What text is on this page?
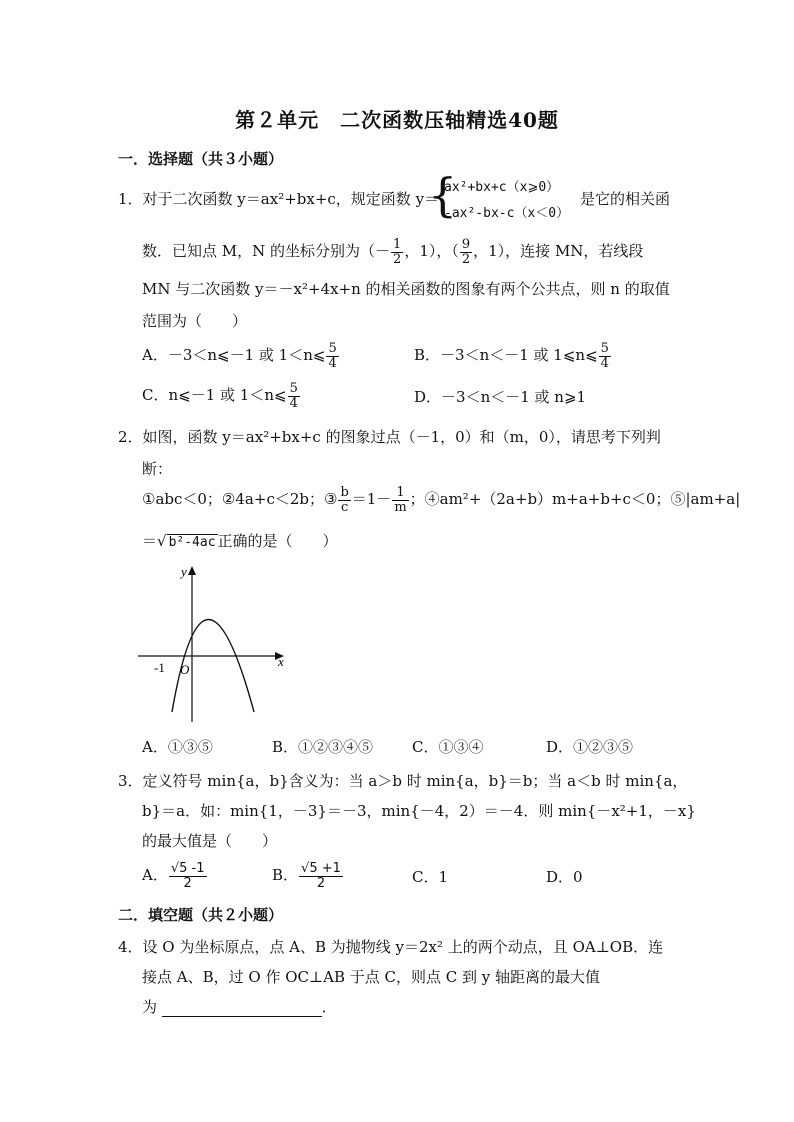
第２单元　二次函数压轴精选40题
一．选择题（共３小题）
1．对于二次函数 y＝ax²+bx+c，规定函数 y＝
{
ax²+bx+c（x⩾0）
-ax²-bx-c（x＜0）
是它的相关函
数．已知点 M，N 的坐标分别为（－ $\frac{1}{2}$ ，1），（ $\frac{9}{2}$ ，1），连接 MN，若线段
MN 与二次函数 y＝－x²+4x+n 的相关函数的图象有两个公共点，则 n 的取值
范围为（　　）
A．－3＜n⩽－1 或 1＜n⩽ $\frac{5}{4}$	B．－3＜n＜－1 或 1⩽n⩽ $\frac{5}{4}$
C．n⩽－1 或 1＜n⩽ $\frac{5}{4}$	D．－3＜n＜－1 或 n⩾1
2．如图，函数 y＝ax²+bx+c 的图象过点（－1，0）和（m，0），请思考下列判
断：
①abc＜0；②4a+c＜2b；③ $\frac{b}{c} =1- \frac{1}{m}$ ；④am²+（2a+b）m+a+b+c＜0；⑤|am+a|
＝√ b²-4ac 正确的是（　　）
y
x
-1 O
A．①③⑤	B．①②③④⑤	C．①③④	D．①②③⑤
3．定义符号 min{a，b}含义为：当 a＞b 时 min{a，b}＝b；当 a＜b 时 min{a，
b}＝a．如：min{1，－3}＝－3，min{－4，2）＝－4．则 min{－x²+1，－x}
的最大值是（　　）
A． $\frac{√5 -1}{2}$	B． $\frac{√5 +1}{2}$	C．1	D．0
二．填空题（共２小题）
4．设 O 为坐标原点，点 A、B 为抛物线 y＝2x² 上的两个动点，且 OA⊥OB．连
接点 A、B，过 O 作 OC⊥AB 于点 C，则点 C 到 y 轴距离的最大值
为	．
